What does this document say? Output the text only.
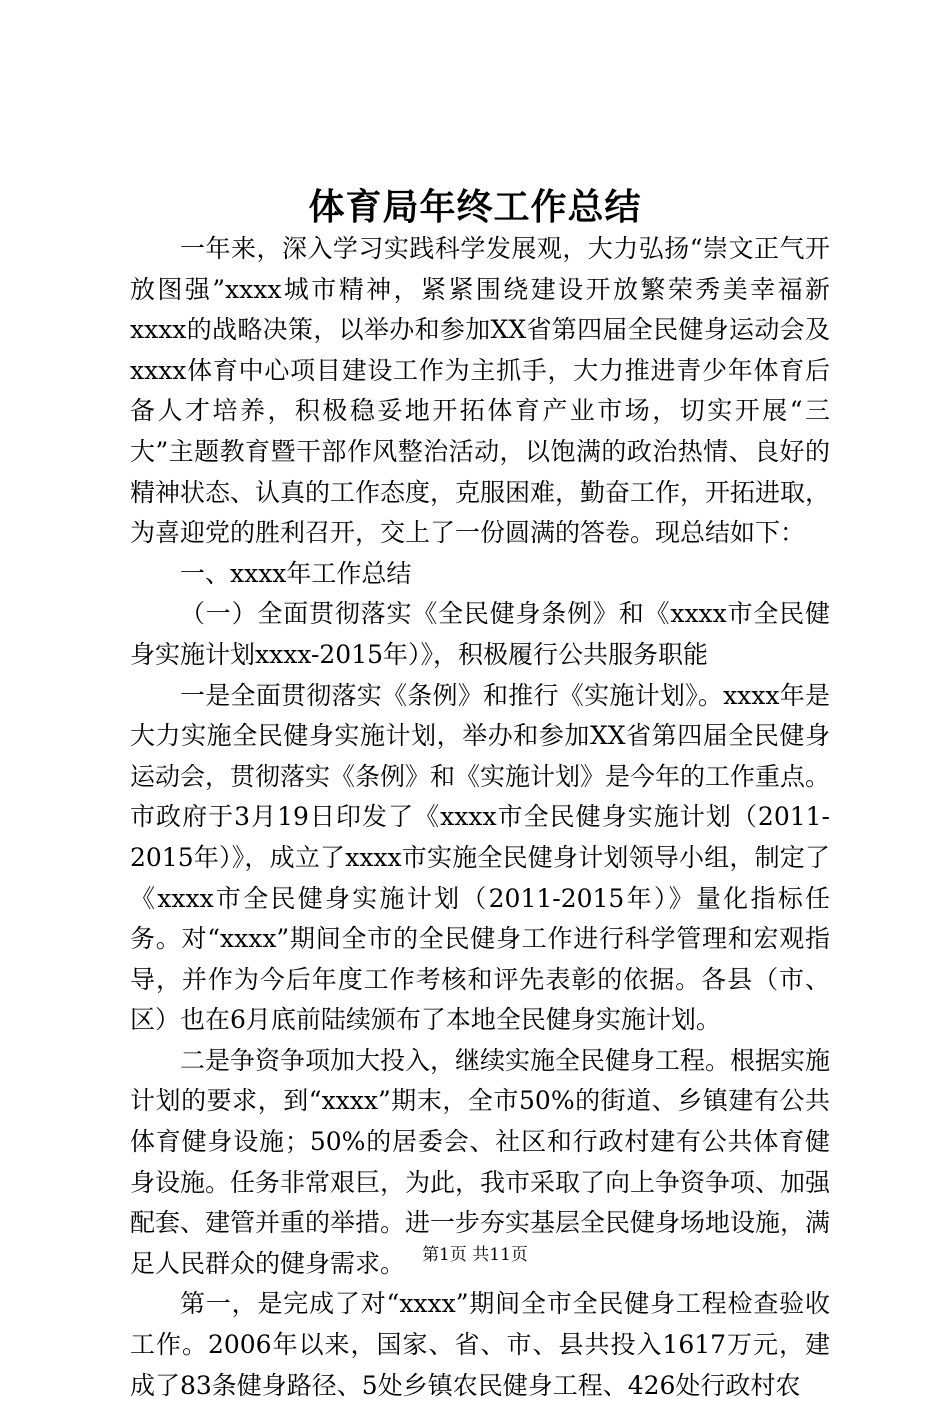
体育局年终工作总结

一年来，深入学习实践科学发展观，大力弘扬“崇文正气开放图强”xxxx城市精神，紧紧围绕建设开放繁荣秀美幸福新xxxx的战略决策，以举办和参加XX省第四届全民健身运动会及xxxx体育中心项目建设工作为主抓手，大力推进青少年体育后备人才培养，积极稳妥地开拓体育产业市场，切实开展“三大”主题教育暨干部作风整治活动，以饱满的政治热情、良好的精神状态、认真的工作态度，克服困难，勤奋工作，开拓进取，为喜迎党的胜利召开，交上了一份圆满的答卷。现总结如下：

一、xxxx年工作总结

（一）全面贯彻落实《全民健身条例》和《xxxx市全民健身实施计划xxxx-2015年）》，积极履行公共服务职能

一是全面贯彻落实《条例》和推行《实施计划》。xxxx年是大力实施全民健身实施计划，举办和参加XX省第四届全民健身运动会，贯彻落实《条例》和《实施计划》是今年的工作重点。市政府于3月19日印发了《xxxx市全民健身实施计划（2011-2015年）》，成立了xxxx市实施全民健身计划领导小组，制定了《xxxx市全民健身实施计划（2011-2015年）》量化指标任务。对“xxxx”期间全市的全民健身工作进行科学管理和宏观指导，并作为今后年度工作考核和评先表彰的依据。各县（市、区）也在6月底前陆续颁布了本地全民健身实施计划。

二是争资争项加大投入，继续实施全民健身工程。根据实施计划的要求，到“xxxx”期末，全市50%的街道、乡镇建有公共体育健身设施；50%的居委会、社区和行政村建有公共体育健身设施。任务非常艰巨，为此，我市采取了向上争资争项、加强配套、建管并重的举措。进一步夯实基层全民健身场地设施，满足人民群众的健身需求。

第一，是完成了对“xxxx”期间全市全民健身工程检查验收工作。2006年以来，国家、省、市、县共投入1617万元，建成了83条健身路径、5处乡镇农民健身工程、426处行政村农

第1页 共11页
